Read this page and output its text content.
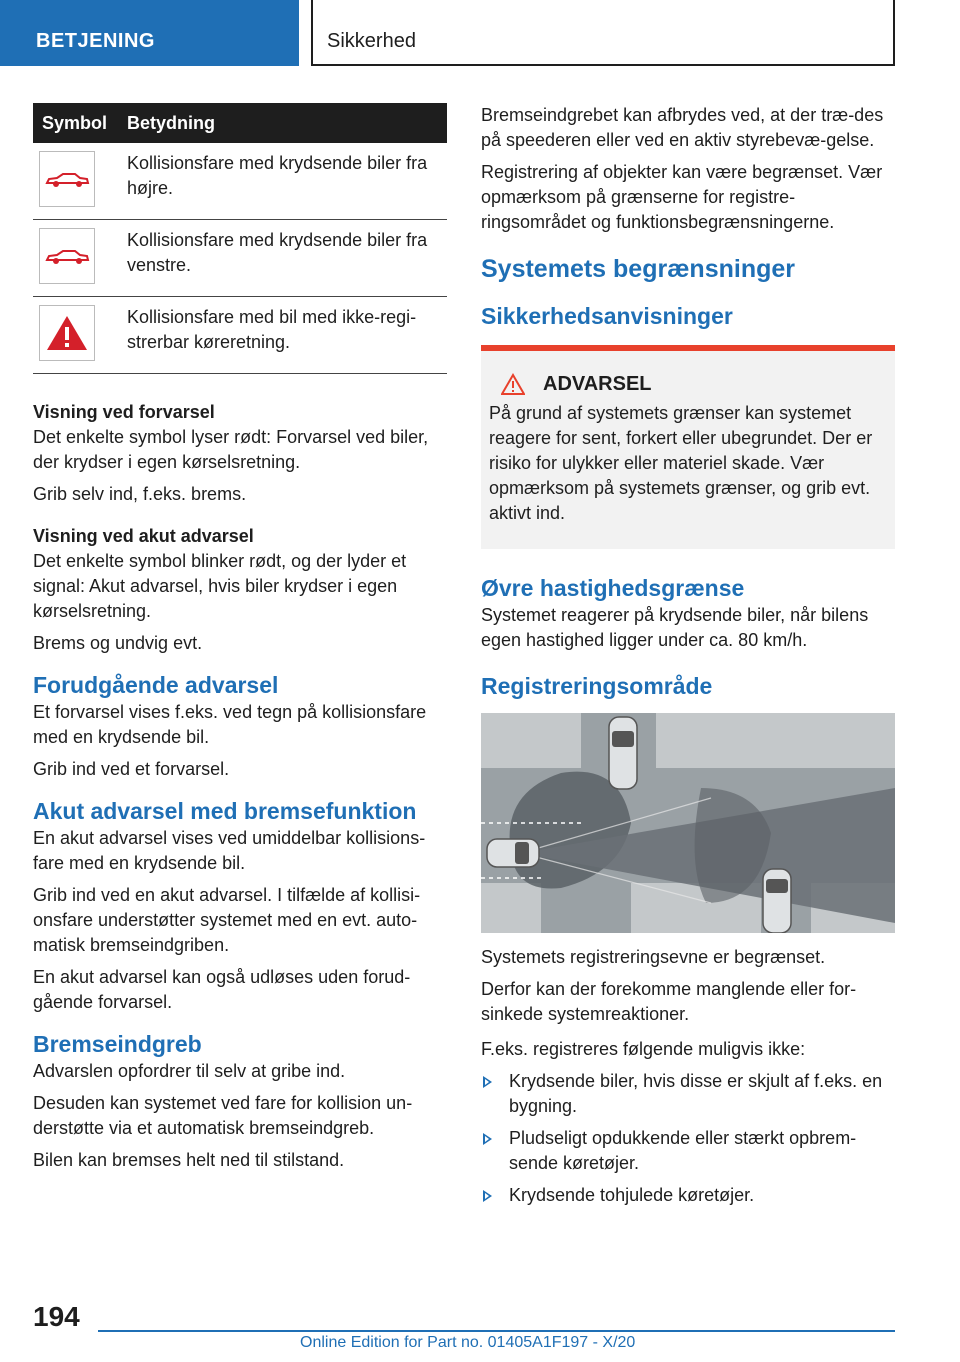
BETJENING	Sikkerhed
Symbol	Betydning

	Kollisionsfare med krydsende biler fra højre.

	Kollisionsfare med krydsende biler fra venstre.

	Kollisionsfare med bil med ikke-regi-strerbar køreretning.
Visning ved forvarsel

Det enkelte symbol lyser rødt: Forvarsel ved biler, der krydser i egen kørselsretning.

Grib selv ind, f.eks. brems.

Visning ved akut advarsel

Det enkelte symbol blinker rødt, og der lyder et signal: Akut advarsel, hvis biler krydser i egen kørselsretning.

Brems og undvig evt.

Forudgående advarsel

Et forvarsel vises f.eks. ved tegn på kollisionsfare med en krydsende bil.

Grib ind ved et forvarsel.

Akut advarsel med bremsefunktion

En akut advarsel vises ved umiddelbar kollisions-fare med en krydsende bil.

Grib ind ved en akut advarsel. I tilfælde af kollisi-onsfare understøtter systemet med en evt. auto-matisk bremseindgriben.

En akut advarsel kan også udløses uden forud-gående forvarsel.

Bremseindgreb

Advarslen opfordrer til selv at gribe ind.

Desuden kan systemet ved fare for kollision un-derstøtte via et automatisk bremseindgreb.

Bilen kan bremses helt ned til stilstand.

Bremseindgrebet kan afbrydes ved, at der træ-des på speederen eller ved en aktiv styrebevæ-gelse.

Registrering af objekter kan være begrænset. Vær opmærksom på grænserne for registre-ringsområdet og funktionsbegrænsningerne.

Systemets begrænsninger
Sikkerhedsanvisninger
ADVARSEL

På grund af systemets grænser kan systemet reagere for sent, forkert eller ubegrundet. Der er risiko for ulykker eller materiel skade. Vær opmærksom på systemets grænser, og grib evt. aktivt ind.

Øvre hastighedsgrænse

Systemet reagerer på krydsende biler, når bilens egen hastighed ligger under ca. 80 km/h.

Registreringsområde

Systemets registreringsevne er begrænset.

Derfor kan der forekomme manglende eller for-sinkede systemreaktioner.

F.eks. registreres følgende muligvis ikke:

Krydsende biler, hvis disse er skjult af f.eks. en bygning.
Pludseligt opdukkende eller stærkt opbrem-sende køretøjer.
Krydsende tohjulede køretøjer.
194
Online Edition for Part no. 01405A1F197 - X/20
